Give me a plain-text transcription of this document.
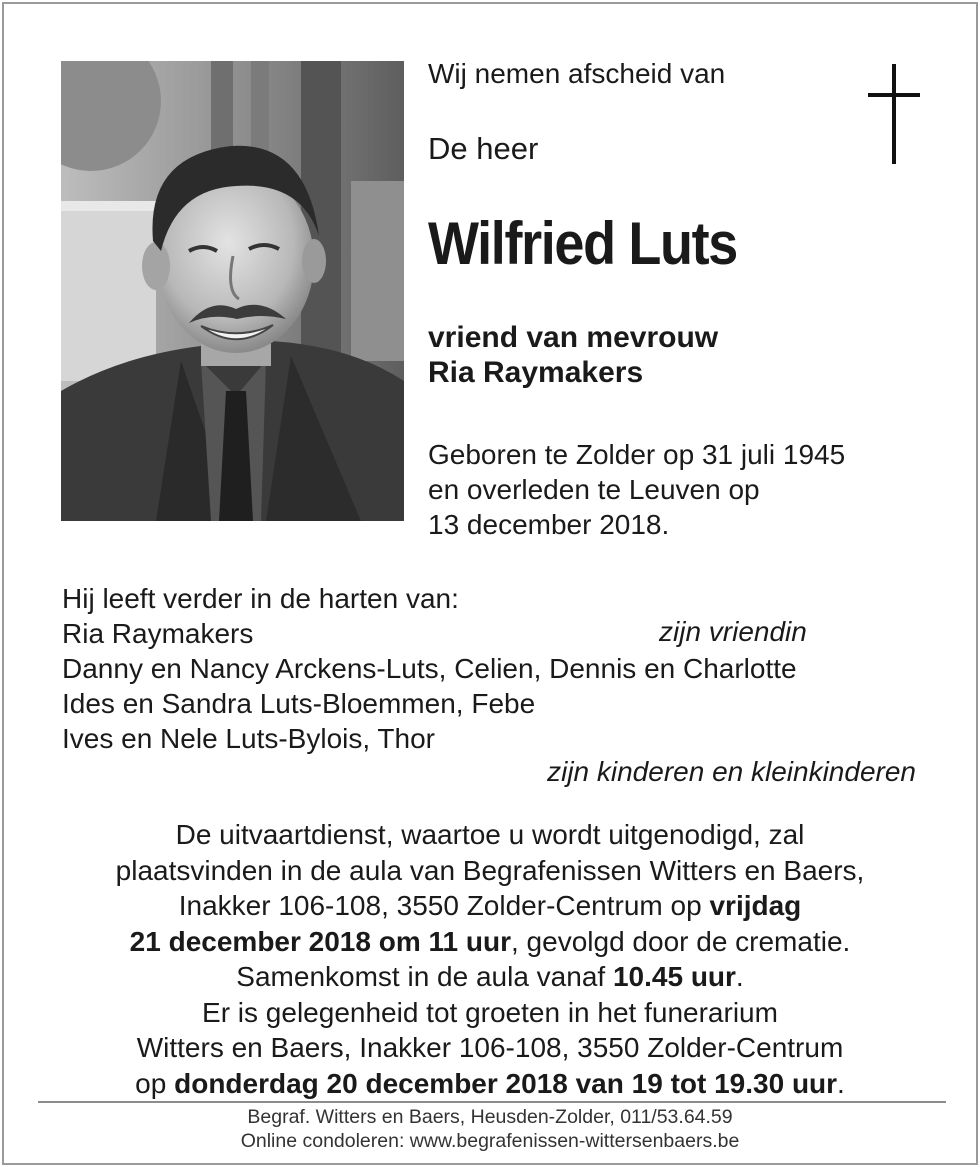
Wij nemen afscheid van
De heer
Wilfried Luts
vriend van mevrouw
Ria Raymakers
Geboren te Zolder op 31 juli 1945
en overleden te Leuven op
13 december 2018.
Hij leeft verder in de harten van:
Ria Raymakers	zijn vriendin
Danny en Nancy Arckens-Luts, Celien, Dennis en Charlotte
Ides en Sandra Luts-Bloemmen, Febe
Ives en Nele Luts-Bylois, Thor
zijn kinderen en kleinkinderen
De uitvaartdienst, waartoe u wordt uitgenodigd, zal
plaatsvinden in de aula van Begrafenissen Witters en Baers,
Inakker 106-108, 3550 Zolder-Centrum op vrijdag
21 december 2018 om 11 uur, gevolgd door de crematie.
Samenkomst in de aula vanaf 10.45 uur.
Er is gelegenheid tot groeten in het funerarium
Witters en Baers, Inakker 106-108, 3550 Zolder-Centrum
op donderdag 20 december 2018 van 19 tot 19.30 uur.
Begraf. Witters en Baers, Heusden-Zolder, 011/53.64.59
Online condoleren: www.begrafenissen-wittersenbaers.be
